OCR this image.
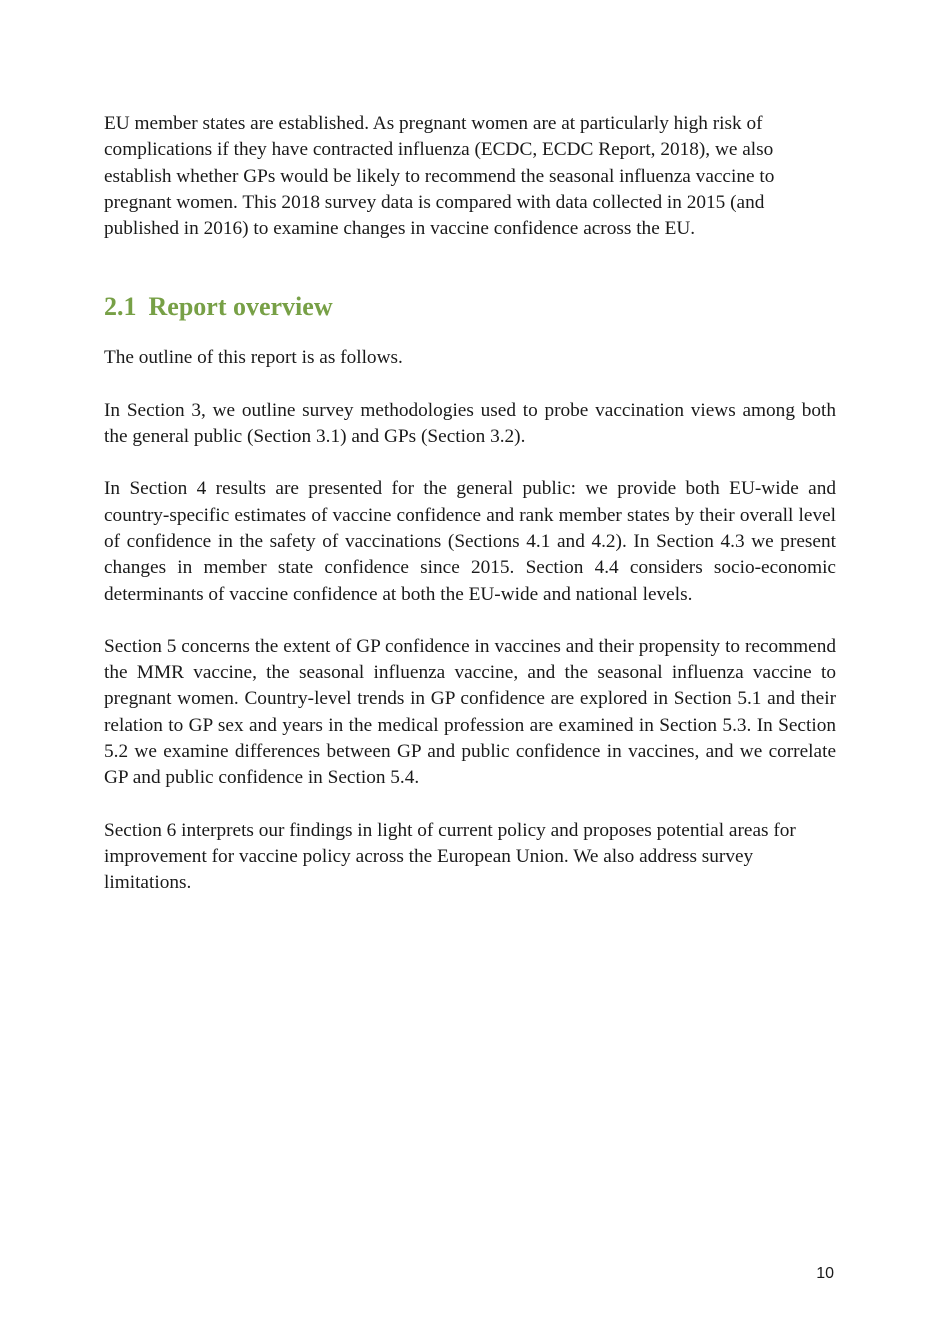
EU member states are established. As pregnant women are at particularly high risk of complications if they have contracted influenza (ECDC, ECDC Report, 2018), we also establish whether GPs would be likely to recommend the seasonal influenza vaccine to pregnant women. This 2018 survey data is compared with data collected in 2015 (and published in 2016) to examine changes in vaccine confidence across the EU.

2.1 Report overview

The outline of this report is as follows.

In Section 3, we outline survey methodologies used to probe vaccination views among both the general public (Section 3.1) and GPs (Section 3.2).

In Section 4 results are presented for the general public: we provide both EU-wide and country-specific estimates of vaccine confidence and rank member states by their overall level of confidence in the safety of vaccinations (Sections 4.1 and 4.2). In Section 4.3 we present changes in member state confidence since 2015. Section 4.4 considers socio-economic determinants of vaccine confidence at both the EU-wide and national levels.

Section 5 concerns the extent of GP confidence in vaccines and their propensity to recommend the MMR vaccine, the seasonal influenza vaccine, and the seasonal influenza vaccine to pregnant women. Country-level trends in GP confidence are explored in Section 5.1 and their relation to GP sex and years in the medical profession are examined in Section 5.3. In Section 5.2 we examine differences between GP and public confidence in vaccines, and we correlate GP and public confidence in Section 5.4.

Section 6 interprets our findings in light of current policy and proposes potential areas for improvement for vaccine policy across the European Union. We also address survey limitations.

10
